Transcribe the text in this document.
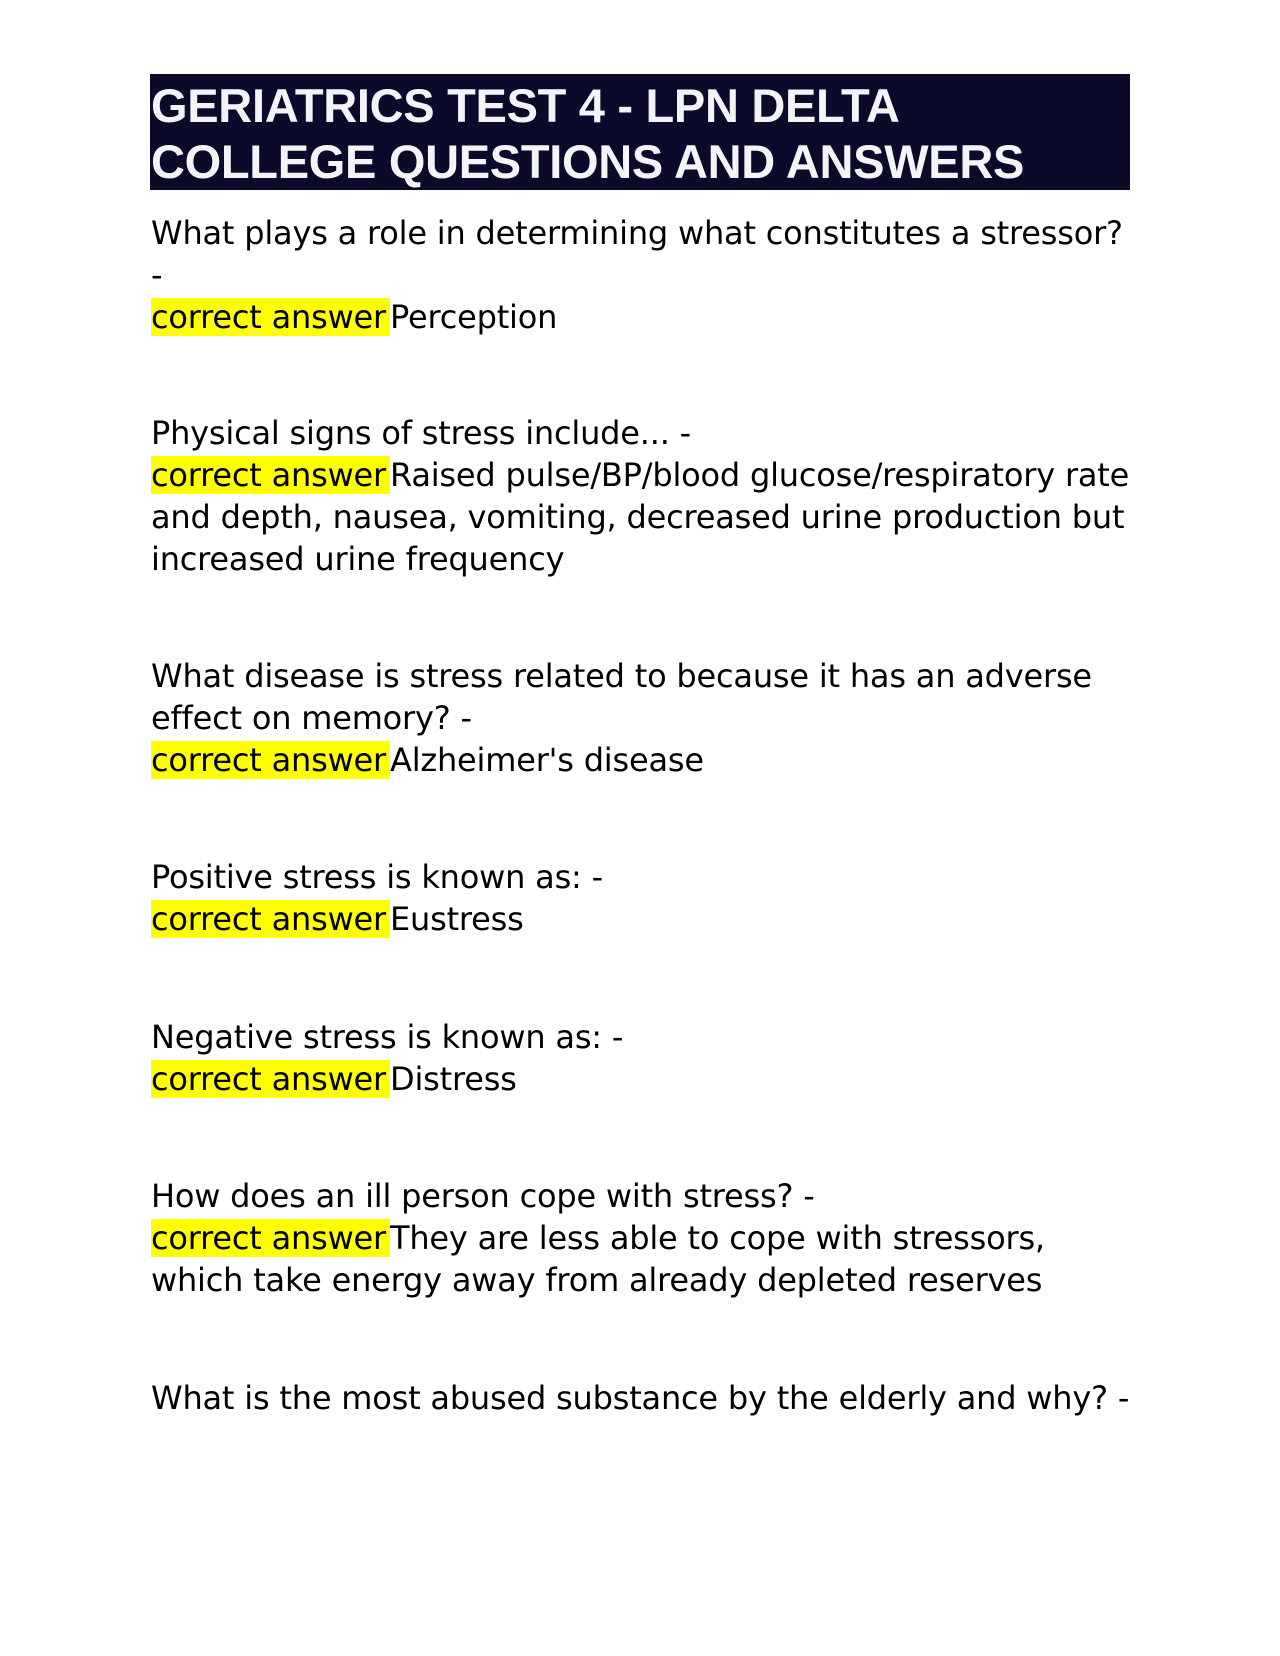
GERIATRICS TEST 4 - LPN DELTA
COLLEGE QUESTIONS AND ANSWERS

What plays a role in determining what constitutes a stressor? -

correct answer Perception

Physical signs of stress include... -

correct answer Raised pulse/BP/blood glucose/respiratory rate and depth, nausea, vomiting, decreased urine production but increased urine frequency

What disease is stress related to because it has an adverse effect on memory? -

correct answer Alzheimer's disease

Positive stress is known as: -

correct answer Eustress

Negative stress is known as: -

correct answer Distress

How does an ill person cope with stress? -

correct answer They are less able to cope with stressors, which take energy away from already depleted reserves

What is the most abused substance by the elderly and why? -
